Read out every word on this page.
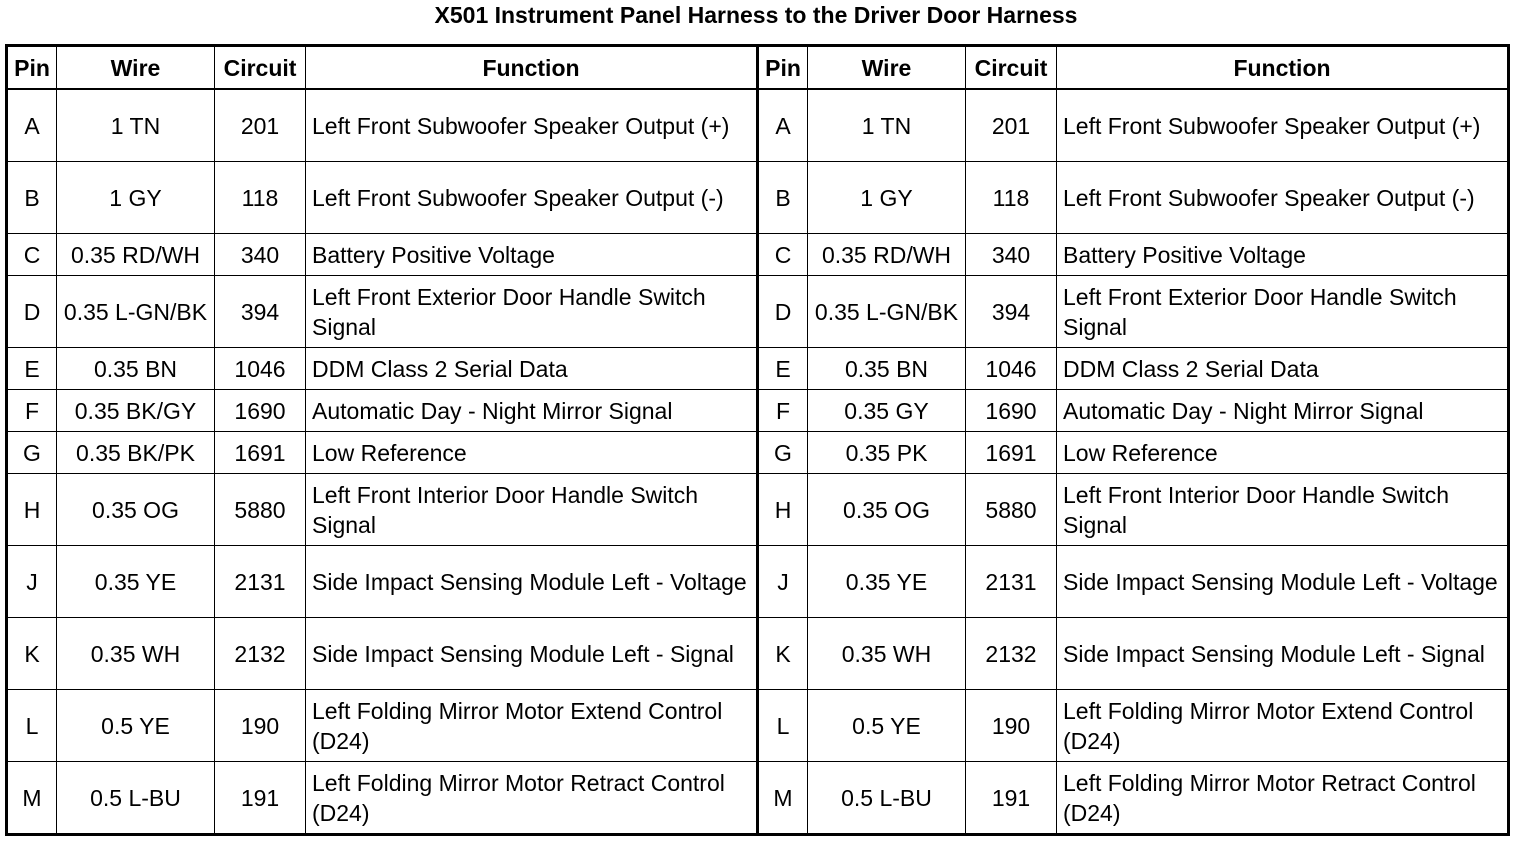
X501 Instrument Panel Harness to the Driver Door Harness
Pin	Wire	Circuit	Function	Pin	Wire	Circuit	Function
A	1 TN	201	Left Front Subwoofer Speaker Output (+)	A	1 TN	201	Left Front Subwoofer Speaker Output (+)
B	1 GY	118	Left Front Subwoofer Speaker Output (-)	B	1 GY	118	Left Front Subwoofer Speaker Output (-)
C	0.35 RD/WH	340	Battery Positive Voltage	C	0.35 RD/WH	340	Battery Positive Voltage
D	0.35 L-GN/BK	394	Left Front Exterior Door Handle Switch Signal	D	0.35 L-GN/BK	394	Left Front Exterior Door Handle Switch Signal
E	0.35 BN	1046	DDM Class 2 Serial Data	E	0.35 BN	1046	DDM Class 2 Serial Data
F	0.35 BK/GY	1690	Automatic Day - Night Mirror Signal	F	0.35 GY	1690	Automatic Day - Night Mirror Signal
G	0.35 BK/PK	1691	Low Reference	G	0.35 PK	1691	Low Reference
H	0.35 OG	5880	Left Front Interior Door Handle Switch Signal	H	0.35 OG	5880	Left Front Interior Door Handle Switch Signal
J	0.35 YE	2131	Side Impact Sensing Module Left - Voltage	J	0.35 YE	2131	Side Impact Sensing Module Left - Voltage
K	0.35 WH	2132	Side Impact Sensing Module Left - Signal	K	0.35 WH	2132	Side Impact Sensing Module Left - Signal
L	0.5 YE	190	Left Folding Mirror Motor Extend Control (D24)	L	0.5 YE	190	Left Folding Mirror Motor Extend Control (D24)
M	0.5 L-BU	191	Left Folding Mirror Motor Retract Control (D24)	M	0.5 L-BU	191	Left Folding Mirror Motor Retract Control (D24)
